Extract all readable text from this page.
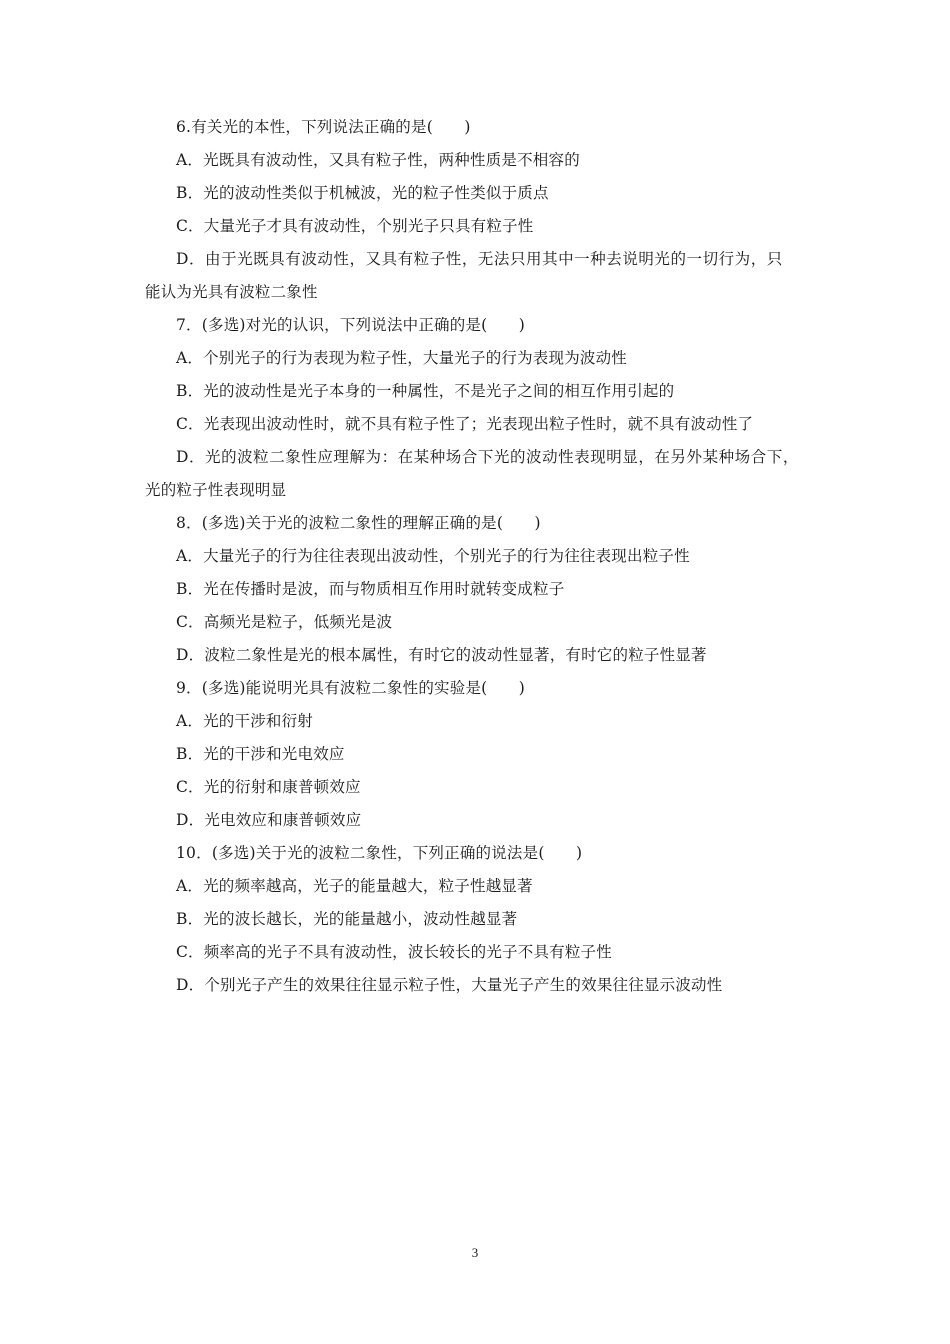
6.有关光的本性，下列说法正确的是(　　)
A．光既具有波动性，又具有粒子性，两种性质是不相容的
B．光的波动性类似于机械波，光的粒子性类似于质点
C．大量光子才具有波动性，个别光子只具有粒子性
D．由于光既具有波动性，又具有粒子性，无法只用其中一种去说明光的一切行为，只
能认为光具有波粒二象性
7．(多选)对光的认识，下列说法中正确的是(　　)
A．个别光子的行为表现为粒子性，大量光子的行为表现为波动性
B．光的波动性是光子本身的一种属性，不是光子之间的相互作用引起的
C．光表现出波动性时，就不具有粒子性了；光表现出粒子性时，就不具有波动性了
D．光的波粒二象性应理解为：在某种场合下光的波动性表现明显，在另外某种场合下，
光的粒子性表现明显
8．(多选)关于光的波粒二象性的理解正确的是(　　)
A．大量光子的行为往往表现出波动性，个别光子的行为往往表现出粒子性
B．光在传播时是波，而与物质相互作用时就转变成粒子
C．高频光是粒子，低频光是波
D．波粒二象性是光的根本属性，有时它的波动性显著，有时它的粒子性显著
9．(多选)能说明光具有波粒二象性的实验是(　　)
A．光的干涉和衍射
B．光的干涉和光电效应
C．光的衍射和康普顿效应
D．光电效应和康普顿效应
10．(多选)关于光的波粒二象性，下列正确的说法是(　　)
A．光的频率越高，光子的能量越大，粒子性越显著
B．光的波长越长，光的能量越小，波动性越显著
C．频率高的光子不具有波动性，波长较长的光子不具有粒子性
D．个别光子产生的效果往往显示粒子性，大量光子产生的效果往往显示波动性
3
